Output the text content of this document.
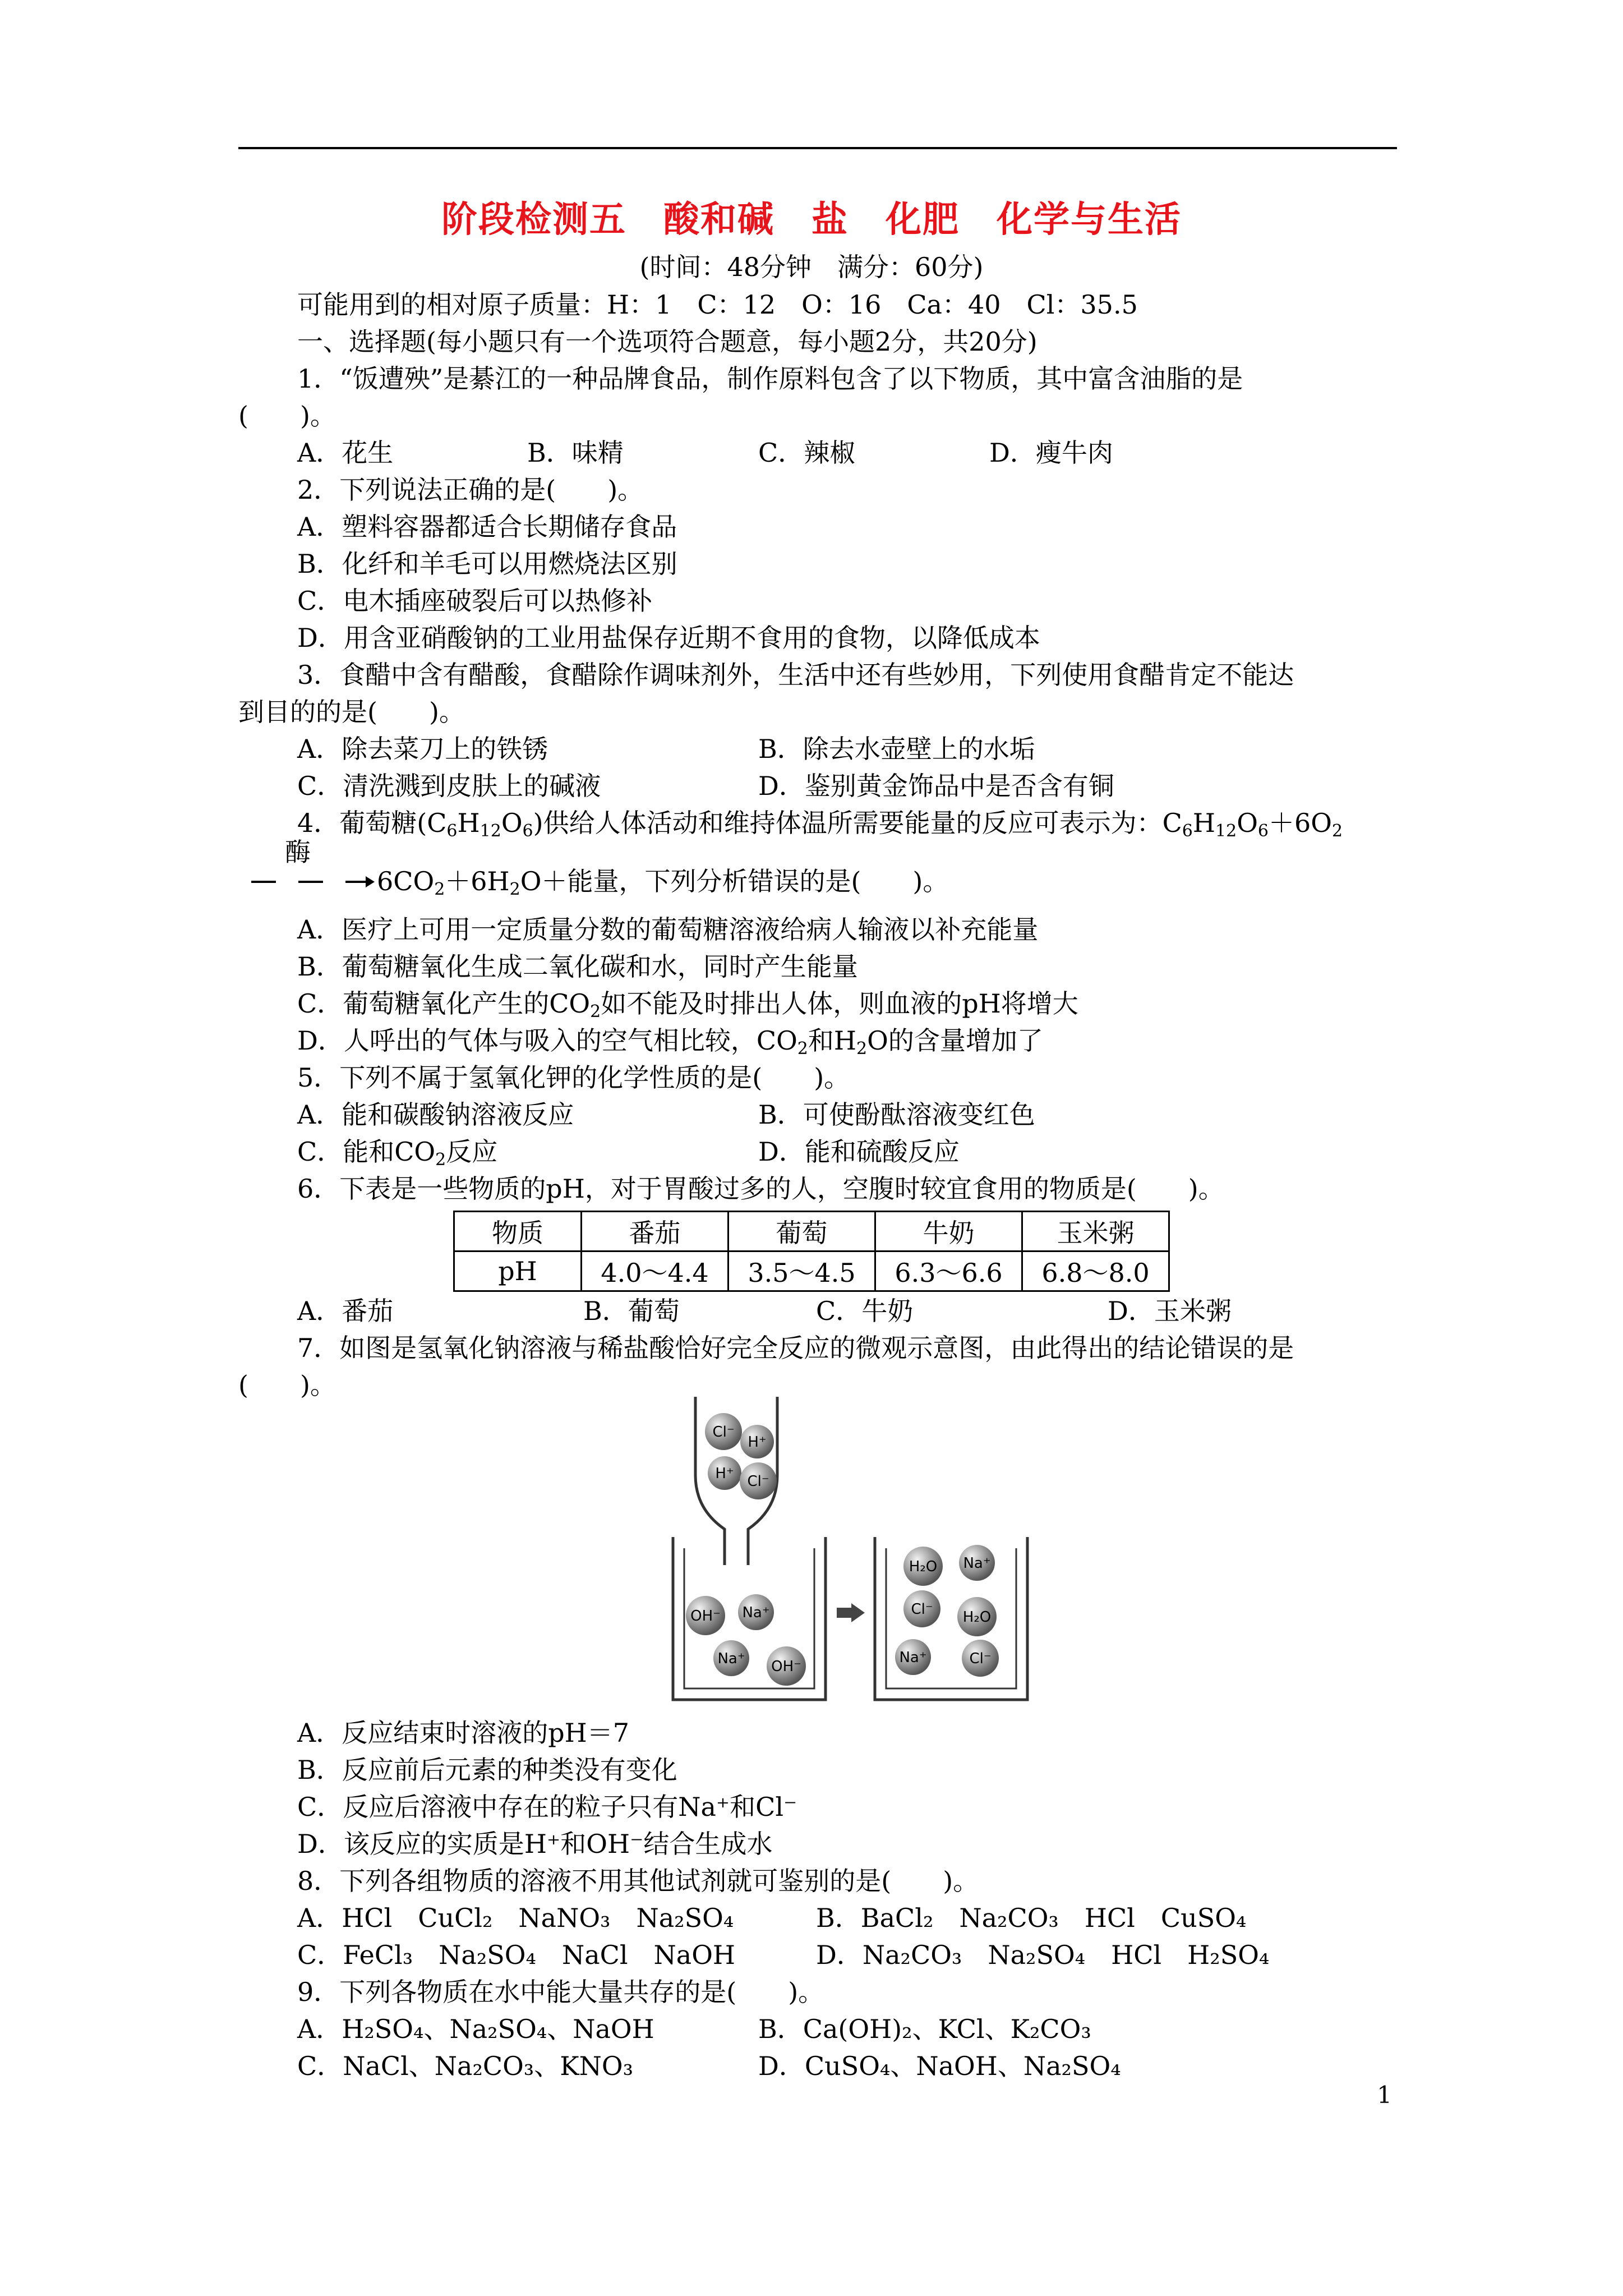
阶段检测五　酸和碱　盐　化肥　化学与生活
(时间：48分钟　满分：60分)
可能用到的相对原子质量：H：1　C：12　O：16　Ca：40　Cl：35.5
一、选择题(每小题只有一个选项符合题意，每小题2分，共20分)
1．“饭遭殃”是綦江的一种品牌食品，制作原料包含了以下物质，其中富含油脂的是
(　　)。
A．花生	B．味精	C．辣椒	D．瘦牛肉
2．下列说法正确的是(　　)。
A．塑料容器都适合长期储存食品
B．化纤和羊毛可以用燃烧法区别
C．电木插座破裂后可以热修补
D．用含亚硝酸钠的工业用盐保存近期不食用的食物，以降低成本
3．食醋中含有醋酸，食醋除作调味剂外，生活中还有些妙用，下列使用食醋肯定不能达
到目的的是(　　)。
A．除去菜刀上的铁锈	B．除去水壶壁上的水垢
C．清洗溅到皮肤上的碱液	D．鉴别黄金饰品中是否含有铜
4．葡萄糖$(C_6H_{12}O_6)$供给人体活动和维持体温所需要能量的反应可表示为：$C_6H_{12}O_6+6O_2$
酶
$6CO_2+6H_2O+$能量，下列分析错误的是(　　)。
A．医疗上可用一定质量分数的葡萄糖溶液给病人输液以补充能量
B．葡萄糖氧化生成二氧化碳和水，同时产生能量
C．葡萄糖氧化产生的$CO_2$如不能及时排出人体，则血液的pH将增大
D．人呼出的气体与吸入的空气相比较，$CO_2$和$H_2O$的含量增加了
5．下列不属于氢氧化钾的化学性质的是(　　)。
A．能和碳酸钠溶液反应	B．可使酚酞溶液变红色
C．能和$CO_2$反应	D．能和硫酸反应
6．下表是一些物质的pH，对于胃酸过多的人，空腹时较宜食用的物质是(　　)。
物质	番茄	葡萄	牛奶	玉米粥
pH	4.0～4.4	3.5～4.5	6.3～6.6	6.8～8.0
A．番茄	B．葡萄	C．牛奶	D．玉米粥
7．如图是氢氧化钠溶液与稀盐酸恰好完全反应的微观示意图，由此得出的结论错误的是
(　　)。
Cl⁻
H⁺
H⁺ Cl⁻
OH⁻ Na⁺
Na⁺ OH⁻
H₂O Na⁺
Cl⁻ H₂O
Na⁺	Cl⁻
A．反应结束时溶液的pH＝7
B．反应前后元素的种类没有变化
C．反应后溶液中存在的粒子只有Na⁺和Cl⁻
D．该反应的实质是H⁺和OH⁻结合生成水
8．下列各组物质的溶液不用其他试剂就可鉴别的是(　　)。
A．HCl　CuCl₂　NaNO₃　Na₂SO₄	B．BaCl₂　Na₂CO₃　HCl　CuSO₄
C．FeCl₃　Na₂SO₄　NaCl　NaOH	D．Na₂CO₃　Na₂SO₄　HCl　H₂SO₄
9．下列各物质在水中能大量共存的是(　　)。
A．H₂SO₄、Na₂SO₄、NaOH	B．Ca(OH)₂、KCl、K₂CO₃
C．NaCl、Na₂CO₃、KNO₃	D．CuSO₄、NaOH、Na₂SO₄
1
